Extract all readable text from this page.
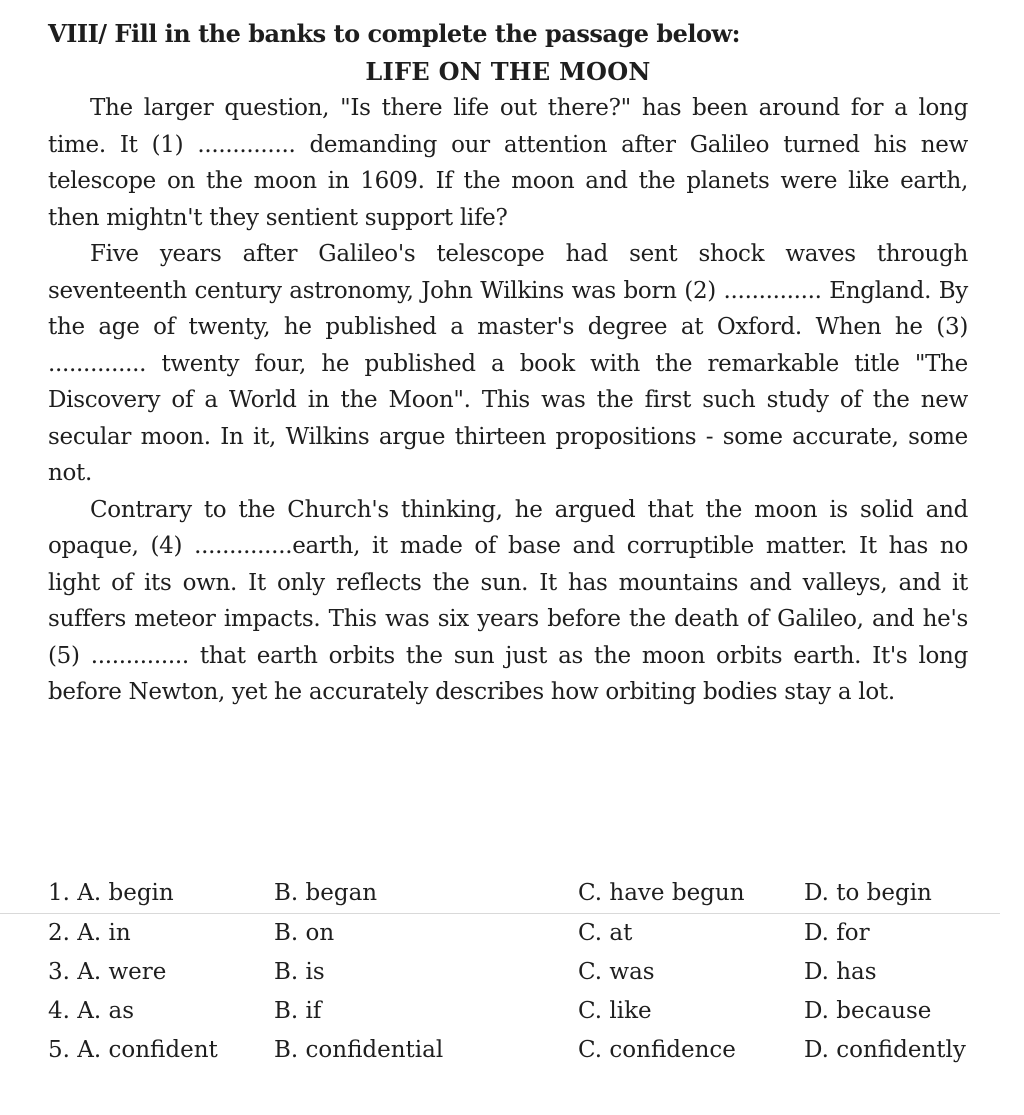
VIII/ Fill in the banks to complete the passage below:
LIFE ON THE MOON

The larger question, "Is there life out there?" has been around for a long time. It (1) .............. demanding our attention after Galileo turned his new telescope on the moon in 1609. If the moon and the planets were like earth, then mightn't they sentient support life?

Five years after Galileo's telescope had sent shock waves through seventeenth century astronomy, John Wilkins was born (2) .............. England. By the age of twenty, he published a master's degree at Oxford. When he (3) .............. twenty four, he published a book with the remarkable title "The Discovery of a World in the Moon". This was the first such study of the new secular moon. In it, Wilkins argue thirteen propositions - some accurate, some not.

Contrary to the Church's thinking, he argued that the moon is solid and opaque, (4) ..............earth, it made of base and corruptible matter. It has no light of its own. It only reflects the sun. It has mountains and valleys, and it suffers meteor impacts. This was six years before the death of Galileo, and he's (5) .............. that earth orbits the sun just as the moon orbits earth. It's long before Newton, yet he accurately describes how orbiting bodies stay a lot.

1. A. begin	B. began	C. have begun	D. to begin
2. A. in	B. on	C. at	D. for
3. A. were	B. is	C. was	D. has
4. A. as	B. if	C. like	D. because
5. A. confident B. confidential	C. confidence	D. confidently
